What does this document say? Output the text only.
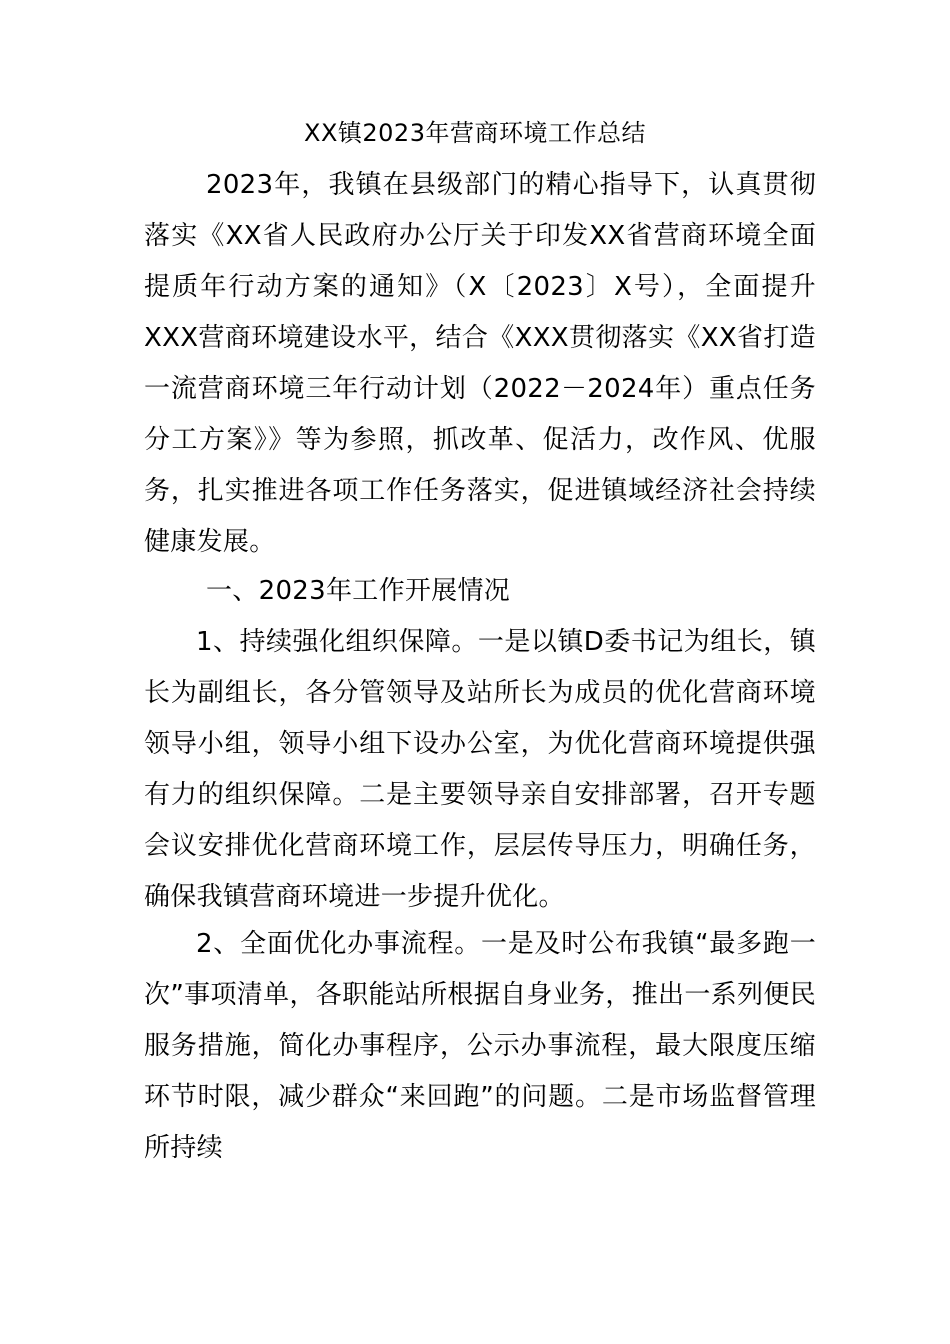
XX镇2023年营商环境工作总结

2023年，我镇在县级部门的精心指导下，认真贯彻落实《XX省人民政府办公厅关于印发XX省营商环境全面提质年行动方案的通知》（X〔2023〕X号），全面提升XXX营商环境建设水平，结合《XXX贯彻落实《XX省打造一流营商环境三年行动计划（2022－2024年）重点任务分工方案》》等为参照，抓改革、促活力，改作风、优服务，扎实推进各项工作任务落实，促进镇域经济社会持续健康发展。

一、2023年工作开展情况

1、持续强化组织保障。一是以镇D委书记为组长，镇长为副组长，各分管领导及站所长为成员的优化营商环境领导小组，领导小组下设办公室，为优化营商环境提供强有力的组织保障。二是主要领导亲自安排部署，召开专题会议安排优化营商环境工作，层层传导压力，明确任务，确保我镇营商环境进一步提升优化。

2、全面优化办事流程。一是及时公布我镇“最多跑一次”事项清单，各职能站所根据自身业务，推出一系列便民服务措施，简化办事程序，公示办事流程，最大限度压缩环节时限，减少群众“来回跑”的问题。二是市场监督管理所持续
